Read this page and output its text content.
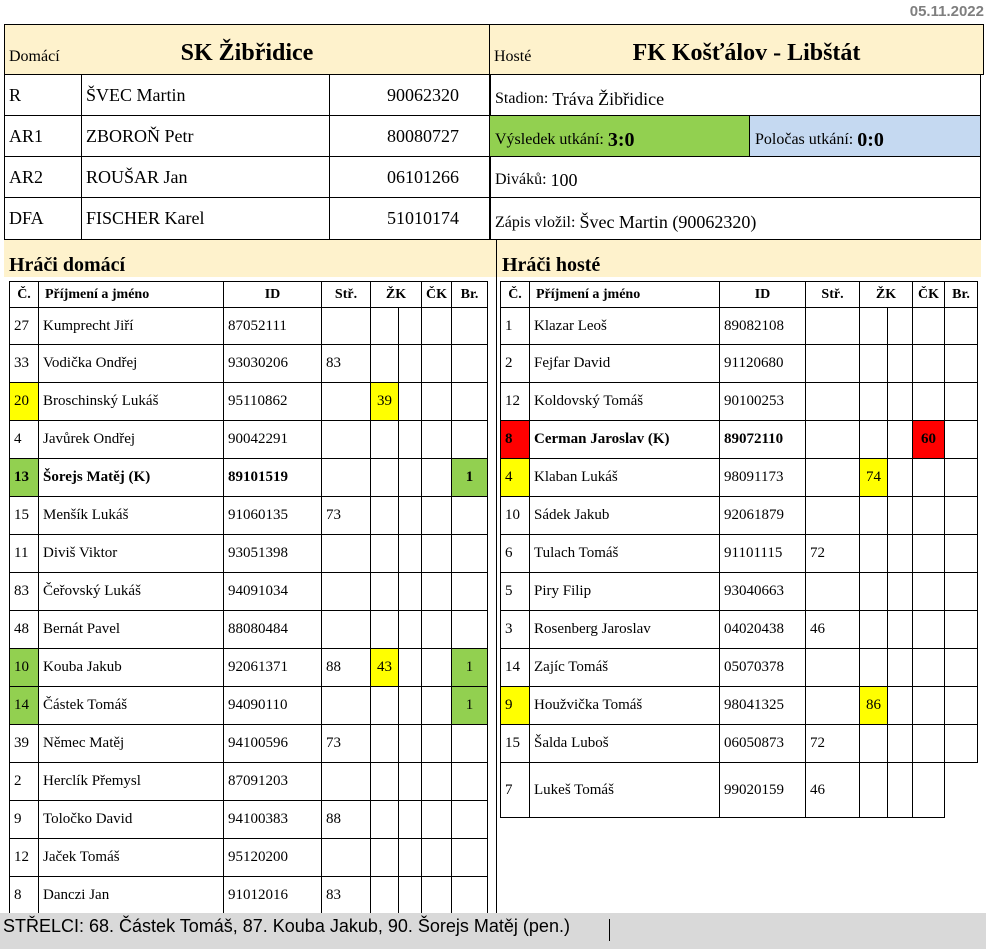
05.11.2022
Domácí	SK Žibřidice	Hosté	FK Košťálov - Libštát
R	ŠVEC Martin	90062320
AR1	ZBOROŇ Petr	80080727
AR2	ROUŠAR Jan	06101266
DFA	FISCHER Karel	51010174
Stadion:
Tráva Žibřidice
Výsledek utkání:
3:0	Poločas utkání:
0:0
Diváků:
100
Zápis vložil:
Švec Martin (90062320)
Hráči domácí	Hráči hosté
Č.	Příjmení a jméno	ID	Stř.	ŽK		ČK	Br.
27	Kumprecht Jiří	87052111					
33	Vodička Ondřej	93030206	83				
20	Broschinský Lukáš	95110862		39			
4	Javůrek Ondřej	90042291					
13	Šorejs Matěj (K)	89101519					1
15	Menšík Lukáš	91060135	73				
11	Diviš Viktor	93051398					
83	Čeřovský Lukáš	94091034					
48	Bernát Pavel	88080484					
10	Kouba Jakub	92061371	88	43			1
14	Částek Tomáš	94090110					1
39	Němec Matěj	94100596	73				
2	Herclík Přemysl	87091203					
9	Toločko David	94100383	88				
12	Jaček Tomáš	95120200					
8	Danczi Jan	91012016	83				
Č.	Příjmení a jméno	ID	Stř.	ŽK		ČK	Br.
1	Klazar Leoš	89082108					
2	Fejfar David	91120680					
12	Koldovský Tomáš	90100253					
8	Cerman Jaroslav (K)	89072110				60	
4	Klaban Lukáš	98091173		74			
10	Sádek Jakub	92061879					
6	Tulach Tomáš	91101115	72				
5	Piry Filip	93040663					
3	Rosenberg Jaroslav	04020438	46				
14	Zajíc Tomáš	05070378					
9	Houžvička Tomáš	98041325		86			
15	Šalda Luboš	06050873	72				
7	Lukeš Tomáš	99020159	46				
STŘELCI: 68. Částek Tomáš, 87. Kouba Jakub, 90. Šorejs Matěj (pen.)
